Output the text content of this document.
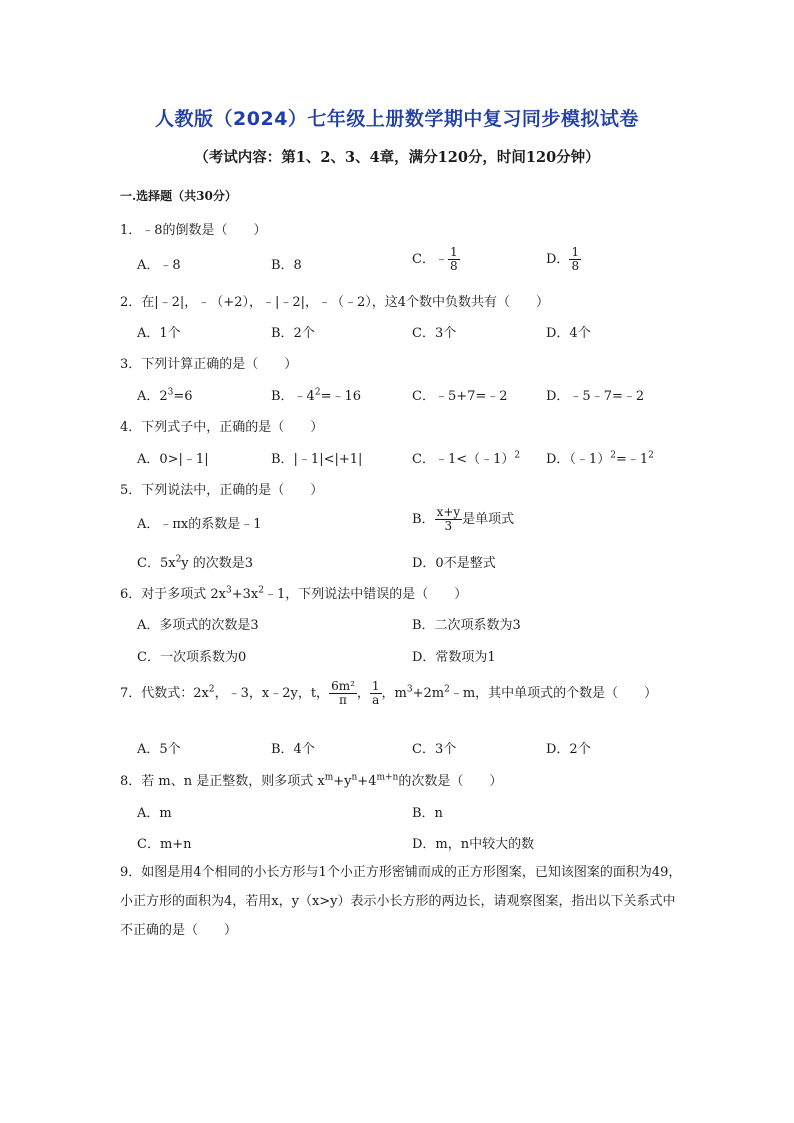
人教版（2024）七年级上册数学期中复习同步模拟试卷
（考试内容：第1、2、3、4章，满分120分，时间120分钟）
一.选择题（共30分）
1．﹣8的倒数是（　　）
A．﹣8	B．8	C．﹣ $\frac{1}{8}$	D． $\frac{1}{8}$
2．在|﹣2|，﹣（+2），﹣|﹣2|，﹣（﹣2），这4个数中负数共有（　　）
A．1个	B．2个	C．3个	D．4个
3．下列计算正确的是（　　）
A．$2^3=6$	B．$﹣4^2=﹣16$	C．﹣5+7=﹣2	D．﹣5﹣7=﹣2
4．下列式子中，正确的是（　　）
A．0>|﹣1|	B．|﹣1|<|+1|	C．﹣1<（﹣1）$^2$ D．$(﹣1)^2=﹣1^2$
5．下列说法中，正确的是（　　）
A．﹣πx的系数是﹣1	B． $\frac{x+y}{3}$ 是单项式
C．$5x^2y$ 的次数是3	D．0不是整式
6．对于多项式 $2x^3+3x^2﹣1$，下列说法中错误的是（　　）
A．多项式的次数是3	B．二次项系数为3
C．一次项系数为0	D．常数项为1
7．代数式：$2x^2$，﹣3，x﹣2y，t， $\frac{\text{6m²}}{\pi}$ ， $\frac{1}{a}$ ，$m^3+2m^2﹣m$，其中单项式的个数是（　　）
A．5个	B．4个	C．3个	D．2个
8．若 m、n 是正整数，则多项式 $x^m+y^n+4^{m+n}$的次数是（　　）
A．m	B．n
C．m+n	D．m，n中较大的数
9．如图是用4个相同的小长方形与1个小正方形密铺而成的正方形图案，已知该图案的面积为49，小正方形的面积为4，若用x，y（x>y）表示小长方形的两边长，请观察图案，指出以下关系式中不正确的是（　　）
